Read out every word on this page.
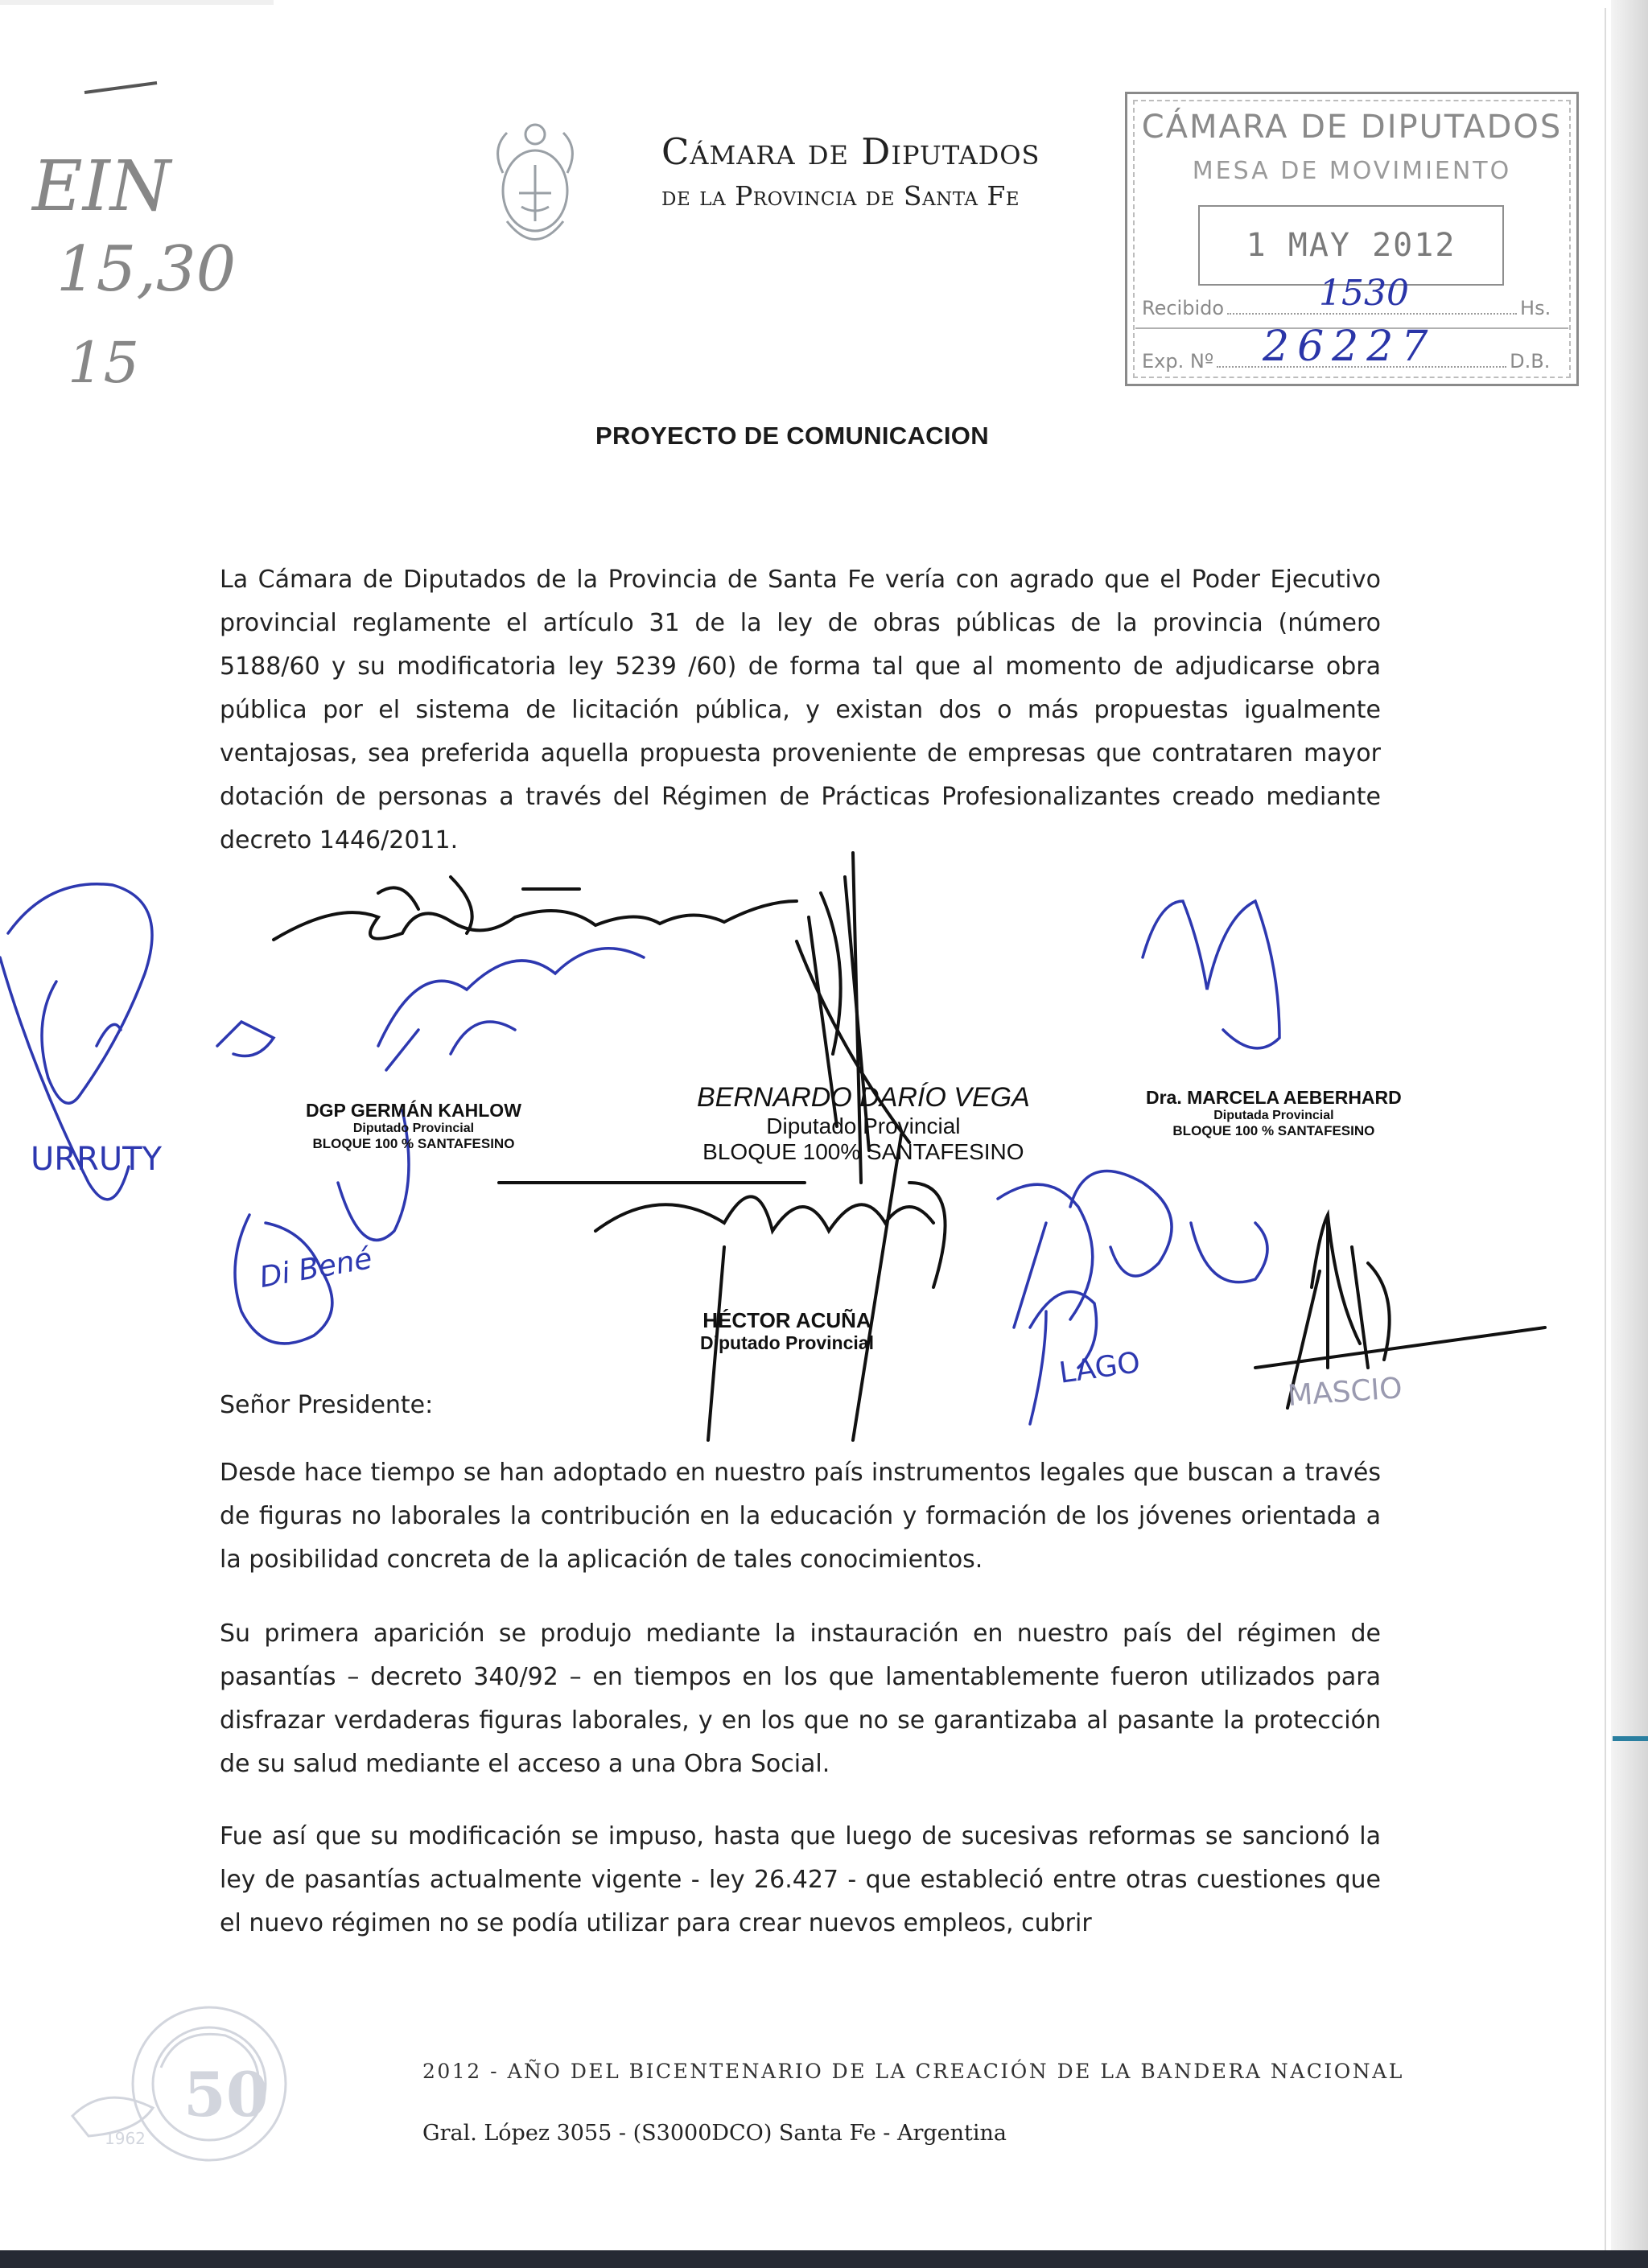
Cámara de Diputados
de la Provincia de Santa Fe
CÁMARA DE DIPUTADOS
MESA DE MOVIMIENTO
1 MAY 2012
Recibido	Hs.
1530
Exp. Nº	D.B.
26227
EIN
15,30
15
PROYECTO DE COMUNICACION

La Cámara de Diputados de la Provincia de Santa Fe vería con agrado que el Poder Ejecutivo provincial reglamente el artículo 31 de la ley de obras públicas de la provincia (número 5188/60 y su modificatoria ley 5239 /60) de forma tal que al momento de adjudicarse obra pública por el sistema de licitación pública, y existan dos o más propuestas igualmente ventajosas, sea preferida aquella propuesta proveniente de empresas que contrataren mayor dotación de personas a través del Régimen de Prácticas Profesionalizantes creado mediante decreto 1446/2011.

DGP GERMÁN KAHLOW
Diputado Provincial
BLOQUE 100 % SANTAFESINO
BERNARDO DARÍO VEGA
Diputado Provincial
BLOQUE 100% SANTAFESINO
Dra. MARCELA AEBERHARD
Diputada Provincial
BLOQUE 100 % SANTAFESINO
HÉCTOR ACUÑA
Diputado Provincial
URRUTY
Di Bené
LAGO
MASCIO
Señor Presidente:

Desde hace tiempo se han adoptado en nuestro país instrumentos legales que buscan a través de figuras no laborales la contribución en la educación y formación de los jóvenes orientada a la posibilidad concreta de la aplicación de tales conocimientos.

Su primera aparición se produjo mediante la instauración en nuestro país del régimen de pasantías – decreto 340/92 – en tiempos en los que lamentablemente fueron utilizados para disfrazar verdaderas figuras laborales, y en los que no se garantizaba al pasante la protección de su salud mediante el acceso a una Obra Social.

Fue así que su modificación se impuso, hasta que luego de sucesivas reformas se sancionó la ley de pasantías actualmente vigente - ley 26.427 - que estableció entre otras cuestiones que el nuevo régimen no se podía utilizar para crear nuevos empleos, cubrir

50
1962
2012 - AÑO DEL BICENTENARIO DE LA CREACIÓN DE LA BANDERA NACIONAL
Gral. López 3055 - (S3000DCO) Santa Fe - Argentina
